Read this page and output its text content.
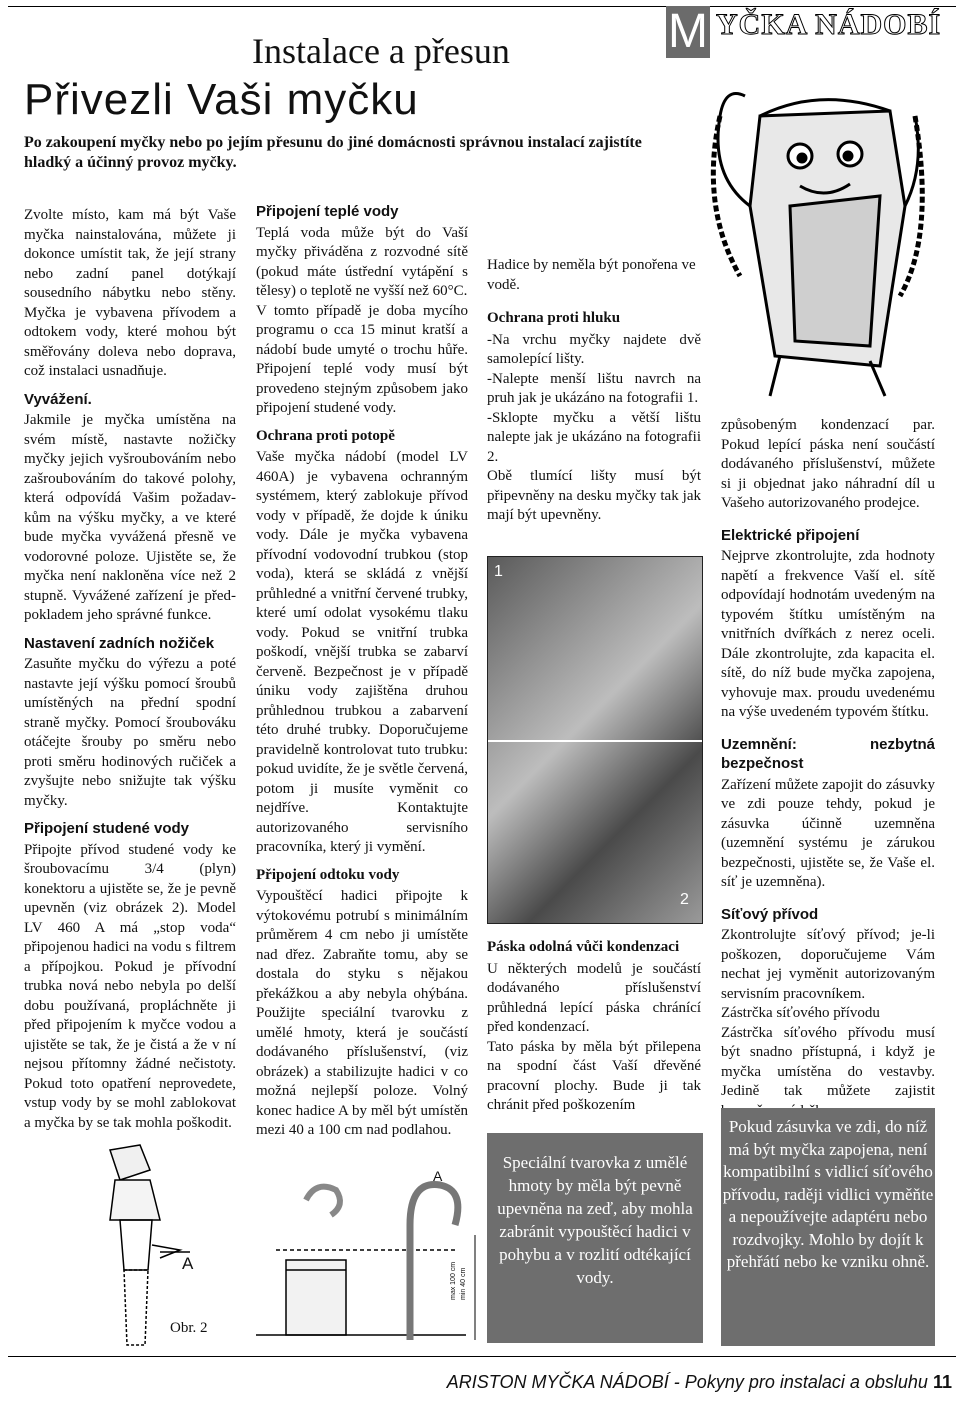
M YČKA NÁDOBÍ
Instalace a přesun
Přivezli Vaši myčku
Po zakoupení myčky nebo po jejím přesunu do jiné domácnosti správnou instalací zajistíte hladký a účinný provoz myčky.

Zvolte místo, kam má být Vaše myčka nainstalována, můžete ji dokonce umístit tak, že její strany nebo zadní panel dotýkají sousedního nábytku nebo stěny. Myčka je vybavena přívodem a odtokem vody, které mohou být směřovány doleva nebo doprava, což instalaci usnadňuje.

Vyvážení.

Jakmile je myčka umístěna na svém místě, nastavte nožičky myčky jejich vyšroubováním nebo zašroubováním do takové polohy, která odpovídá Vašim požadav-kům na výšku myčky, a ve které bude myčka vyvážená přesně ve vodorovné poloze. Ujistěte se, že myčka není nakloněna více než 2 stupně. Vyvážené zařízení je před-pokladem jeho správné funkce.

Nastavení zadních nožiček

Zasuňte myčku do výřezu a poté nastavte její výšku pomocí šroubů umístěných na přední spodní straně myčky. Pomocí šroubováku otáčejte šrouby po směru nebo proti směru hodinových ručiček a zvyšujte nebo snižujte tak výšku myčky.

Připojení studené vody

Připojte přívod studené vody ke šroubovacímu 3/4 (plyn) konektoru a ujistěte se, že je pevně upevněn (viz obrázek 2). Model LV 460 A má „stop voda“ připojenou hadici na vodu s filtrem a přípojkou. Pokud je přívodní trubka nová nebo nebyla po delší dobu používaná, propláchněte ji před připojením k myčce vodou a ujistěte se tak, že je čistá a že v ní nejsou přítomny žádné nečistoty. Pokud toto opatření neprovedete, vstup vody by se mohl zablokovat a myčka by se tak mohla poškodit.

Připojení teplé vody

Teplá voda může být do Vaší myčky přiváděna z rozvodné sítě (pokud máte ústřední vytápění s tělesy) o teplotě ne vyšší než 60°C.

V tomto případě je doba mycího programu o cca 15 minut kratší a nádobí bude umyté o trochu hůře. Připojení teplé vody musí být provedeno stejným způsobem jako připojení studené vody.

Ochrana proti potopě

Vaše myčka nádobí (model LV 460A) je vybavena ochranným systémem, který zablokuje přívod vody v případě, že dojde k úniku vody. Dále je myčka vybavena přívodní vodovodní trubkou (stop voda), která se skládá z vnější průhledné a vnitřní červené trubky, které umí odolat vysokému tlaku vody. Pokud se vnitřní trubka poškodí, vnější trubka se zabarví červeně. Bezpečnost je v případě úniku vody zajištěna druhou průhlednou trubkou a zabarvení této druhé trubky. Doporučujeme pravidelně kontrolovat tuto trubku: pokud uvidíte, že je světle červená, potom ji musíte vyměnit co nejdříve. Kontaktujte autorizovaného servisního pracovníka, který ji vymění.

Připojení odtoku vody

Vypouštěcí hadici připojte k výtokovému potrubí s minimálním průměrem 4 cm nebo ji umístěte nad dřez. Zabraňte tomu, aby se dostala do styku s nějakou překážkou a aby nebyla ohýbána. Použijte speciální tvarovku z umělé hmoty, která je součástí dodávaného příslušenství, (viz obrázek) a stabilizujte hadici v co možná nejlepší poloze. Volný konec hadice A by měl být umístěn mezi 40 a 100 cm nad podlahou.

Hadice by neměla být ponořena ve vodě.

Ochrana proti hluku

-Na vrchu myčky najdete dvě samolepící lišty.
-Nalepte menší lištu navrch na pruh jak je ukázáno na fotografii 1.
-Sklopte myčku a větší lištu nalepte jak je ukázáno na fotografii 2.
Obě tlumící lišty musí být připevněny na desku myčky tak jak mají být upevněny.

1
2
Páska odolná vůči kondenzaci

U některých modelů je součástí dodávaného příslušenství průhledná lepící páska chránící před kondenzací.
Tato páska by měla být přilepena na spodní část Vaší dřevěné pracovní plochy. Bude ji tak chránit před poškozením

způsobeným kondenzací par. Pokud lepící páska není součástí dodávaného příslušenství, můžete si ji objednat jako náhradní díl u Vašeho autorizovaného prodejce.

Elektrické připojení

Nejprve zkontrolujte, zda hodnoty napětí a frekvence Vaší el. sítě odpovídají hodnotám uvedeným na typovém štítku umístěným na vnitřních dvířkách z nerez oceli. Dále zkontrolujte, zda kapacita el. sítě, do níž bude myčka zapojena, vyhovuje max. proudu uvedenému na výše uvedeném typovém štítku.

Uzemnění: nezbytná bezpečnost

Zařízení můžete zapojit do zásuvky ve zdi pouze tehdy, pokud je zásuvka účinně uzemněna (uzemnění systému je zárukou bezpečnosti, ujistěte se, že Vaše el. síť je uzemněna).

Síťový přívod

Zkontrolujte síťový přívod; je-li poškozen, doporučujeme Vám nechat jej vyměnit autorizovaným servisním pracovníkem.
Zástrčka síťového přívodu
Zástrčka síťového přívodu musí být snadno přístupná, i když je myčka umístěna do vestavby. Jedině tak můžete zajistit

A
Obr. 2
A
max 100 cm min 40 cm
Speciální tvarovka z umělé hmoty by měla být pevně upevněna na zeď, aby mohla zabránit vypouštěcí hadici v pohybu a v rozlití odtékající vody.
Pokud zásuvka ve zdi, do níž má být myčka zapojena, není kompatibilní s vidlicí síťového přívodu, raději vidlici vyměňte a nepoužívejte adaptéru nebo rozdvojky. Mohlo by dojít k přehřátí nebo ke vzniku ohně.
ARISTON MYČKA NÁDOBÍ - Pokyny pro instalaci a obsluhu 11
